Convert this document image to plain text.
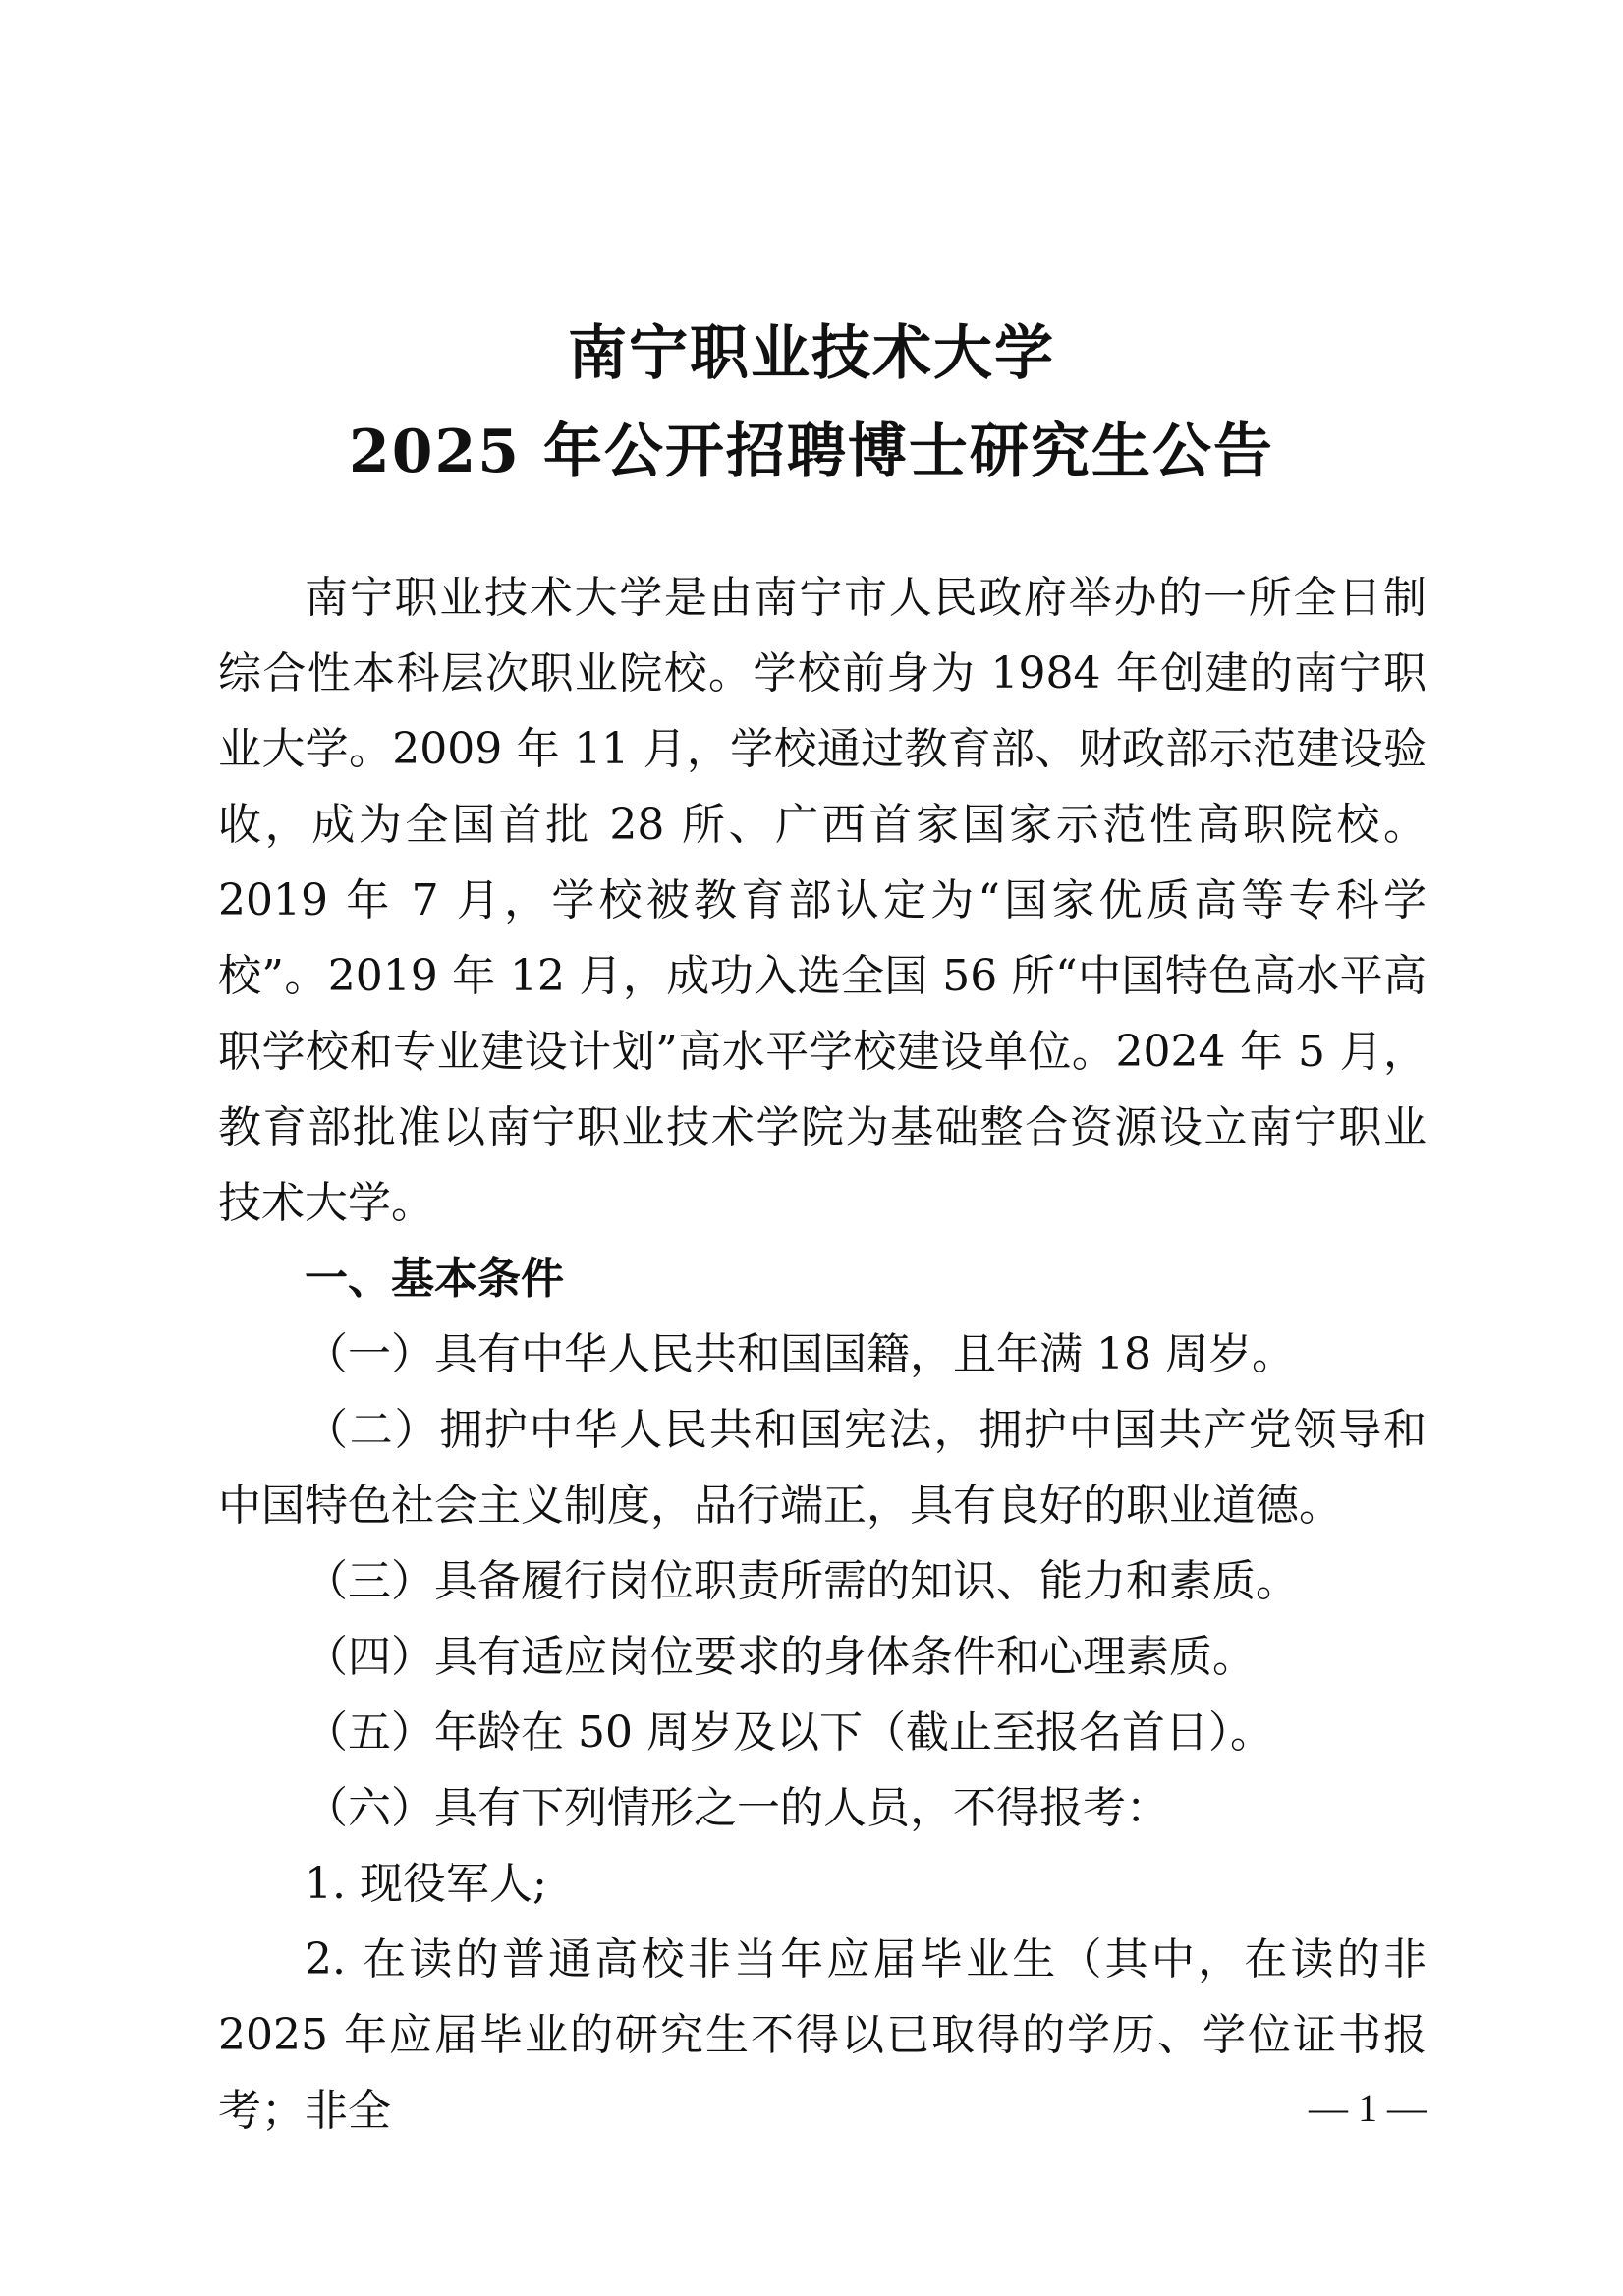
南宁职业技术大学
2025 年公开招聘博士研究生公告

南宁职业技术大学是由南宁市人民政府举办的一所全日制综合性本科层次职业院校。学校前身为 1984 年创建的南宁职业大学。2009 年 11 月，学校通过教育部、财政部示范建设验收，成为全国首批 28 所、广西首家国家示范性高职院校。2019 年 7 月，学校被教育部认定为“国家优质高等专科学校”。2019 年 12 月，成功入选全国 56 所“中国特色高水平高职学校和专业建设计划”高水平学校建设单位。2024 年 5 月，教育部批准以南宁职业技术学院为基础整合资源设立南宁职业技术大学。

一、基本条件

（一）具有中华人民共和国国籍，且年满 18 周岁。

（二）拥护中华人民共和国宪法，拥护中国共产党领导和中国特色社会主义制度，品行端正，具有良好的职业道德。

（三）具备履行岗位职责所需的知识、能力和素质。

（四）具有适应岗位要求的身体条件和心理素质。

（五）年龄在 50 周岁及以下（截止至报名首日）。

（六）具有下列情形之一的人员，不得报考：

1. 现役军人;

2. 在读的普通高校非当年应届毕业生（其中，在读的非 2025 年应届毕业的研究生不得以已取得的学历、学位证书报考；非全	— 1 —
